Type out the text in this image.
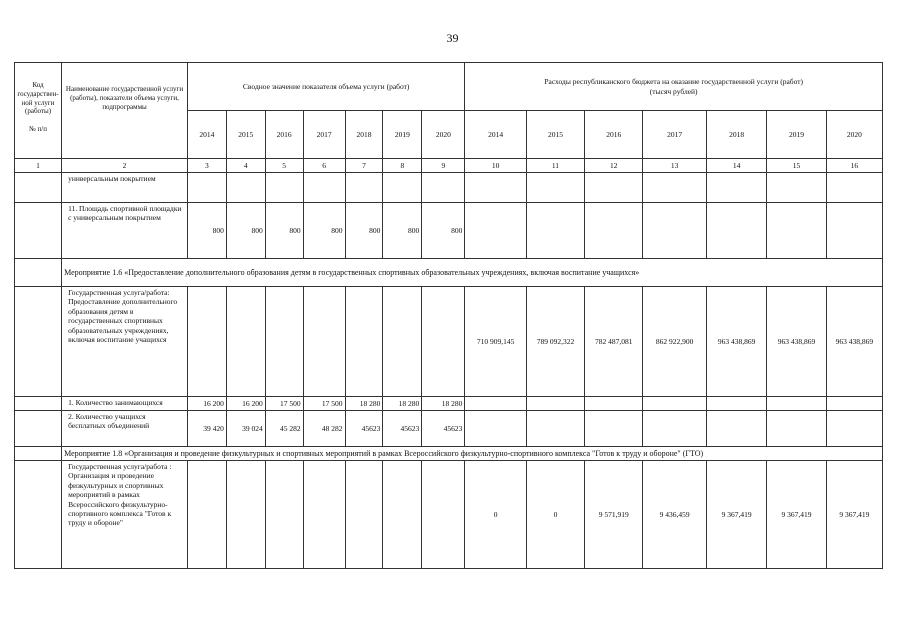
39
Код государствен-ной услуги (работы)

№ п/п	Наименование государственной услуги (работы), показатели объема услуги, подпрограммы	Сводное значение показателя объема услуги (работ)							Расходы республиканского бюджета на оказание государственной услуги (работ)
(тысяч рублей)						
		2014	2015	2016	2017	2018	2019	2020	2014	2015	2016	2017	2018	2019	2020
1	2	3	4	5	6	7	8	9	10	11	12	13	14	15	16
	универсальным покрытием														
	11. Площадь спортивной площадки с универсальным покрытием	800	800	800	800	800	800	800							
	Мероприятие 1.6 «Предоставление дополнительного образования детям в государственных спортивных образовательных учреждениях, включая воспитание учащихся»														
	Государственная услуга/работа: Предоставление дополнительного образования детям в государственных спортивных образовательных учреждениях, включая воспитание учащихся								710 909,145	789 092,322	782 487,081	862 922,900	963 438,869	963 438,869	963 438,869
	1. Количество занимающихся	16 200	16 200	17 500	17 500	18 280	18 280	18 280							
	2. Количество учащихся бесплатных объединений	39 420	39 024	45 282	48 282	45623	45623	45623							
	Мероприятие 1.8 «Организация и проведение физкультурных и спортивных мероприятий в рамках Всероссийского физкультурно-спортивного комплекса "Готов к труду и обороне" (ГТО)														
	Государственная услуга/работа : Организация и проведение физкультурных и спортивных мероприятий в рамках Всероссийского физкультурно-спортивного комплекса "Готов к труду и обороне"								0	0	9 571,919	9 436,459	9 367,419	9 367,419	9 367,419
